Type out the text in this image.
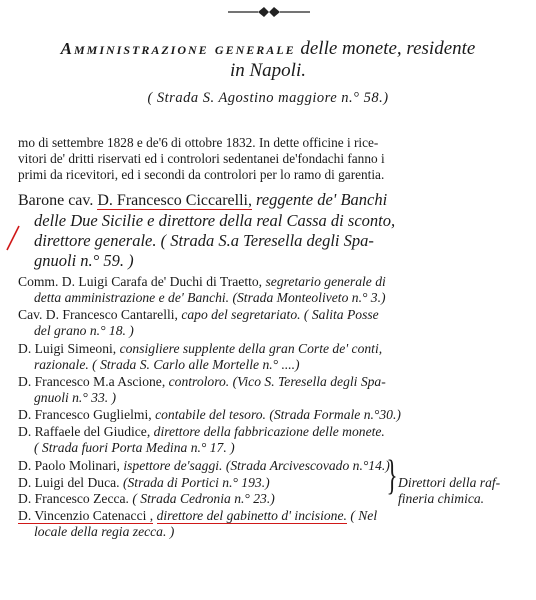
Amministrazione generale delle monete, residente
in Napoli.
( Strada S. Agostino maggiore n.° 58.)
mo di settembre 1828 e de'6 di ottobre 1832. In dette officine i rice-
vitori de' dritti riservati ed i controlori sedentanei de'fondachi fanno i
primi da ricevitori, ed i secondi da controlori per lo ramo di garentia.
Barone cav. D. Francesco Ciccarelli, reggente de' Banchi
delle Due Sicilie e direttore della real Cassa di sconto,
direttore generale. ( Strada S.a Teresella degli Spa-
gnuoli n.° 59. )
Comm. D. Luigi Carafa de' Duchi di Traetto, segretario generale di
detta amministrazione e de' Banchi. (Strada Monteoliveto n.° 3.)
Cav. D. Francesco Cantarelli, capo del segretariato. ( Salita Posse
del grano n.° 18. )
D. Luigi Simeoni, consigliere supplente della gran Corte de' conti,
razionale. ( Strada S. Carlo alle Mortelle n.° ....)
D. Francesco M.a Ascione, controloro. (Vico S. Teresella degli Spa-
gnuoli n.° 33. )
D. Francesco Guglielmi, contabile del tesoro. (Strada Formale n.°30.)
D. Raffaele del Giudice, direttore della fabbricazione delle monete.
( Strada fuori Porta Medina n.° 17. )
D. Paolo Molinari, ispettore de'saggi. (Strada Arcivescovado n.°14.)
D. Luigi del Duca. (Strada di Portici n.° 193.)
D. Francesco Zecca. ( Strada Cedronia n.° 23.)	} Direttori della raf-
fineria chimica.
D. Vincenzio Catenacci , direttore del gabinetto d' incisione. ( Nel
locale della regia zecca. )
